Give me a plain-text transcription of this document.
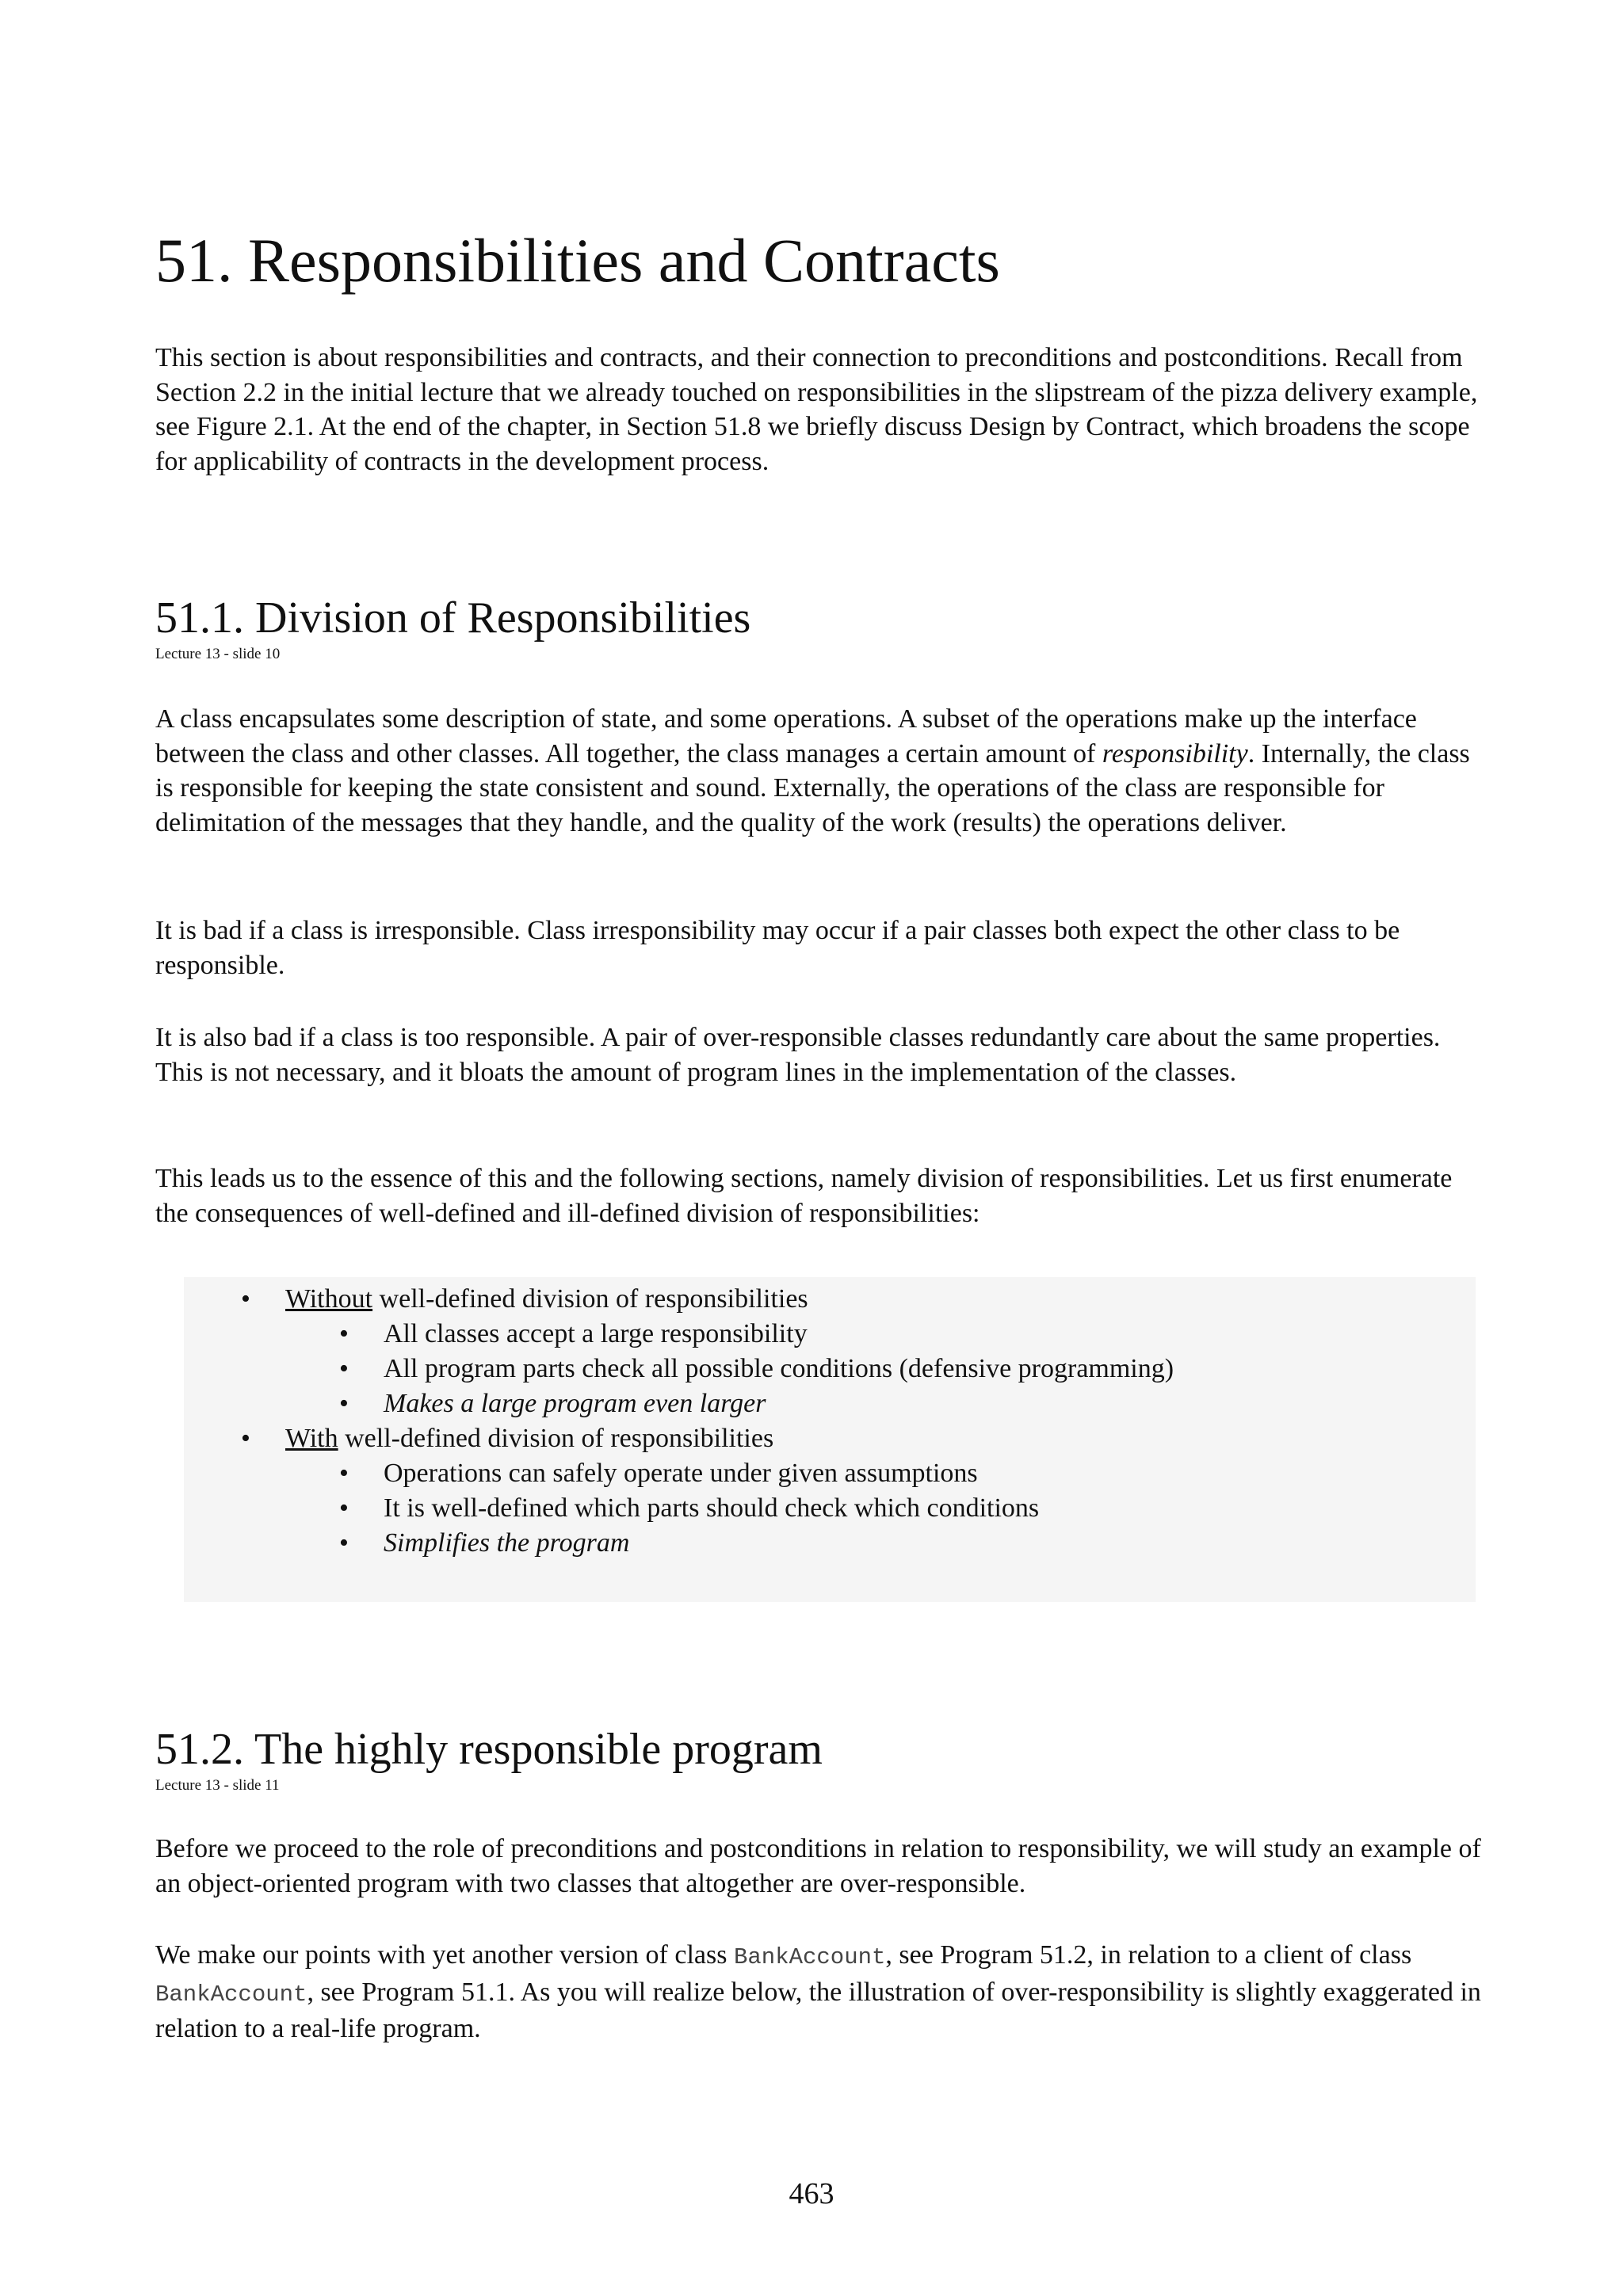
51. Responsibilities and Contracts

This section is about responsibilities and contracts, and their connection to preconditions and postconditions. Recall from Section 2.2 in the initial lecture that we already touched on responsibilities in the slipstream of the pizza delivery example, see Figure 2.1. At the end of the chapter, in Section 51.8 we briefly discuss Design by Contract, which broadens the scope for applicability of contracts in the development process.

51.1. Division of Responsibilities
Lecture 13 - slide 10

A class encapsulates some description of state, and some operations. A subset of the operations make up the interface between the class and other classes. All together, the class manages a certain amount of responsibility. Internally, the class is responsible for keeping the state consistent and sound. Externally, the operations of the class are responsible for delimitation of the messages that they handle, and the quality of the work (results) the operations deliver.

It is bad if a class is irresponsible. Class irresponsibility may occur if a pair classes both expect the other class to be responsible.

It is also bad if a class is too responsible. A pair of over-responsible classes redundantly care about the same properties. This is not necessary, and it bloats the amount of program lines in the implementation of the classes.

This leads us to the essence of this and the following sections, namely division of responsibilities. Let us first enumerate the consequences of well-defined and ill-defined division of responsibilities:

• Without well-defined division of responsibilities
• All classes accept a large responsibility
• All program parts check all possible conditions (defensive programming)
• Makes a large program even larger
• With well-defined division of responsibilities
• Operations can safely operate under given assumptions
• It is well-defined which parts should check which conditions
• Simplifies the program
51.2. The highly responsible program
Lecture 13 - slide 11

Before we proceed to the role of preconditions and postconditions in relation to responsibility, we will study an example of an object-oriented program with two classes that altogether are over-responsible.

We make our points with yet another version of class BankAccount, see Program 51.2, in relation to a client of class BankAccount, see Program 51.1. As you will realize below, the illustration of over-responsibility is slightly exaggerated in relation to a real-life program.

463
